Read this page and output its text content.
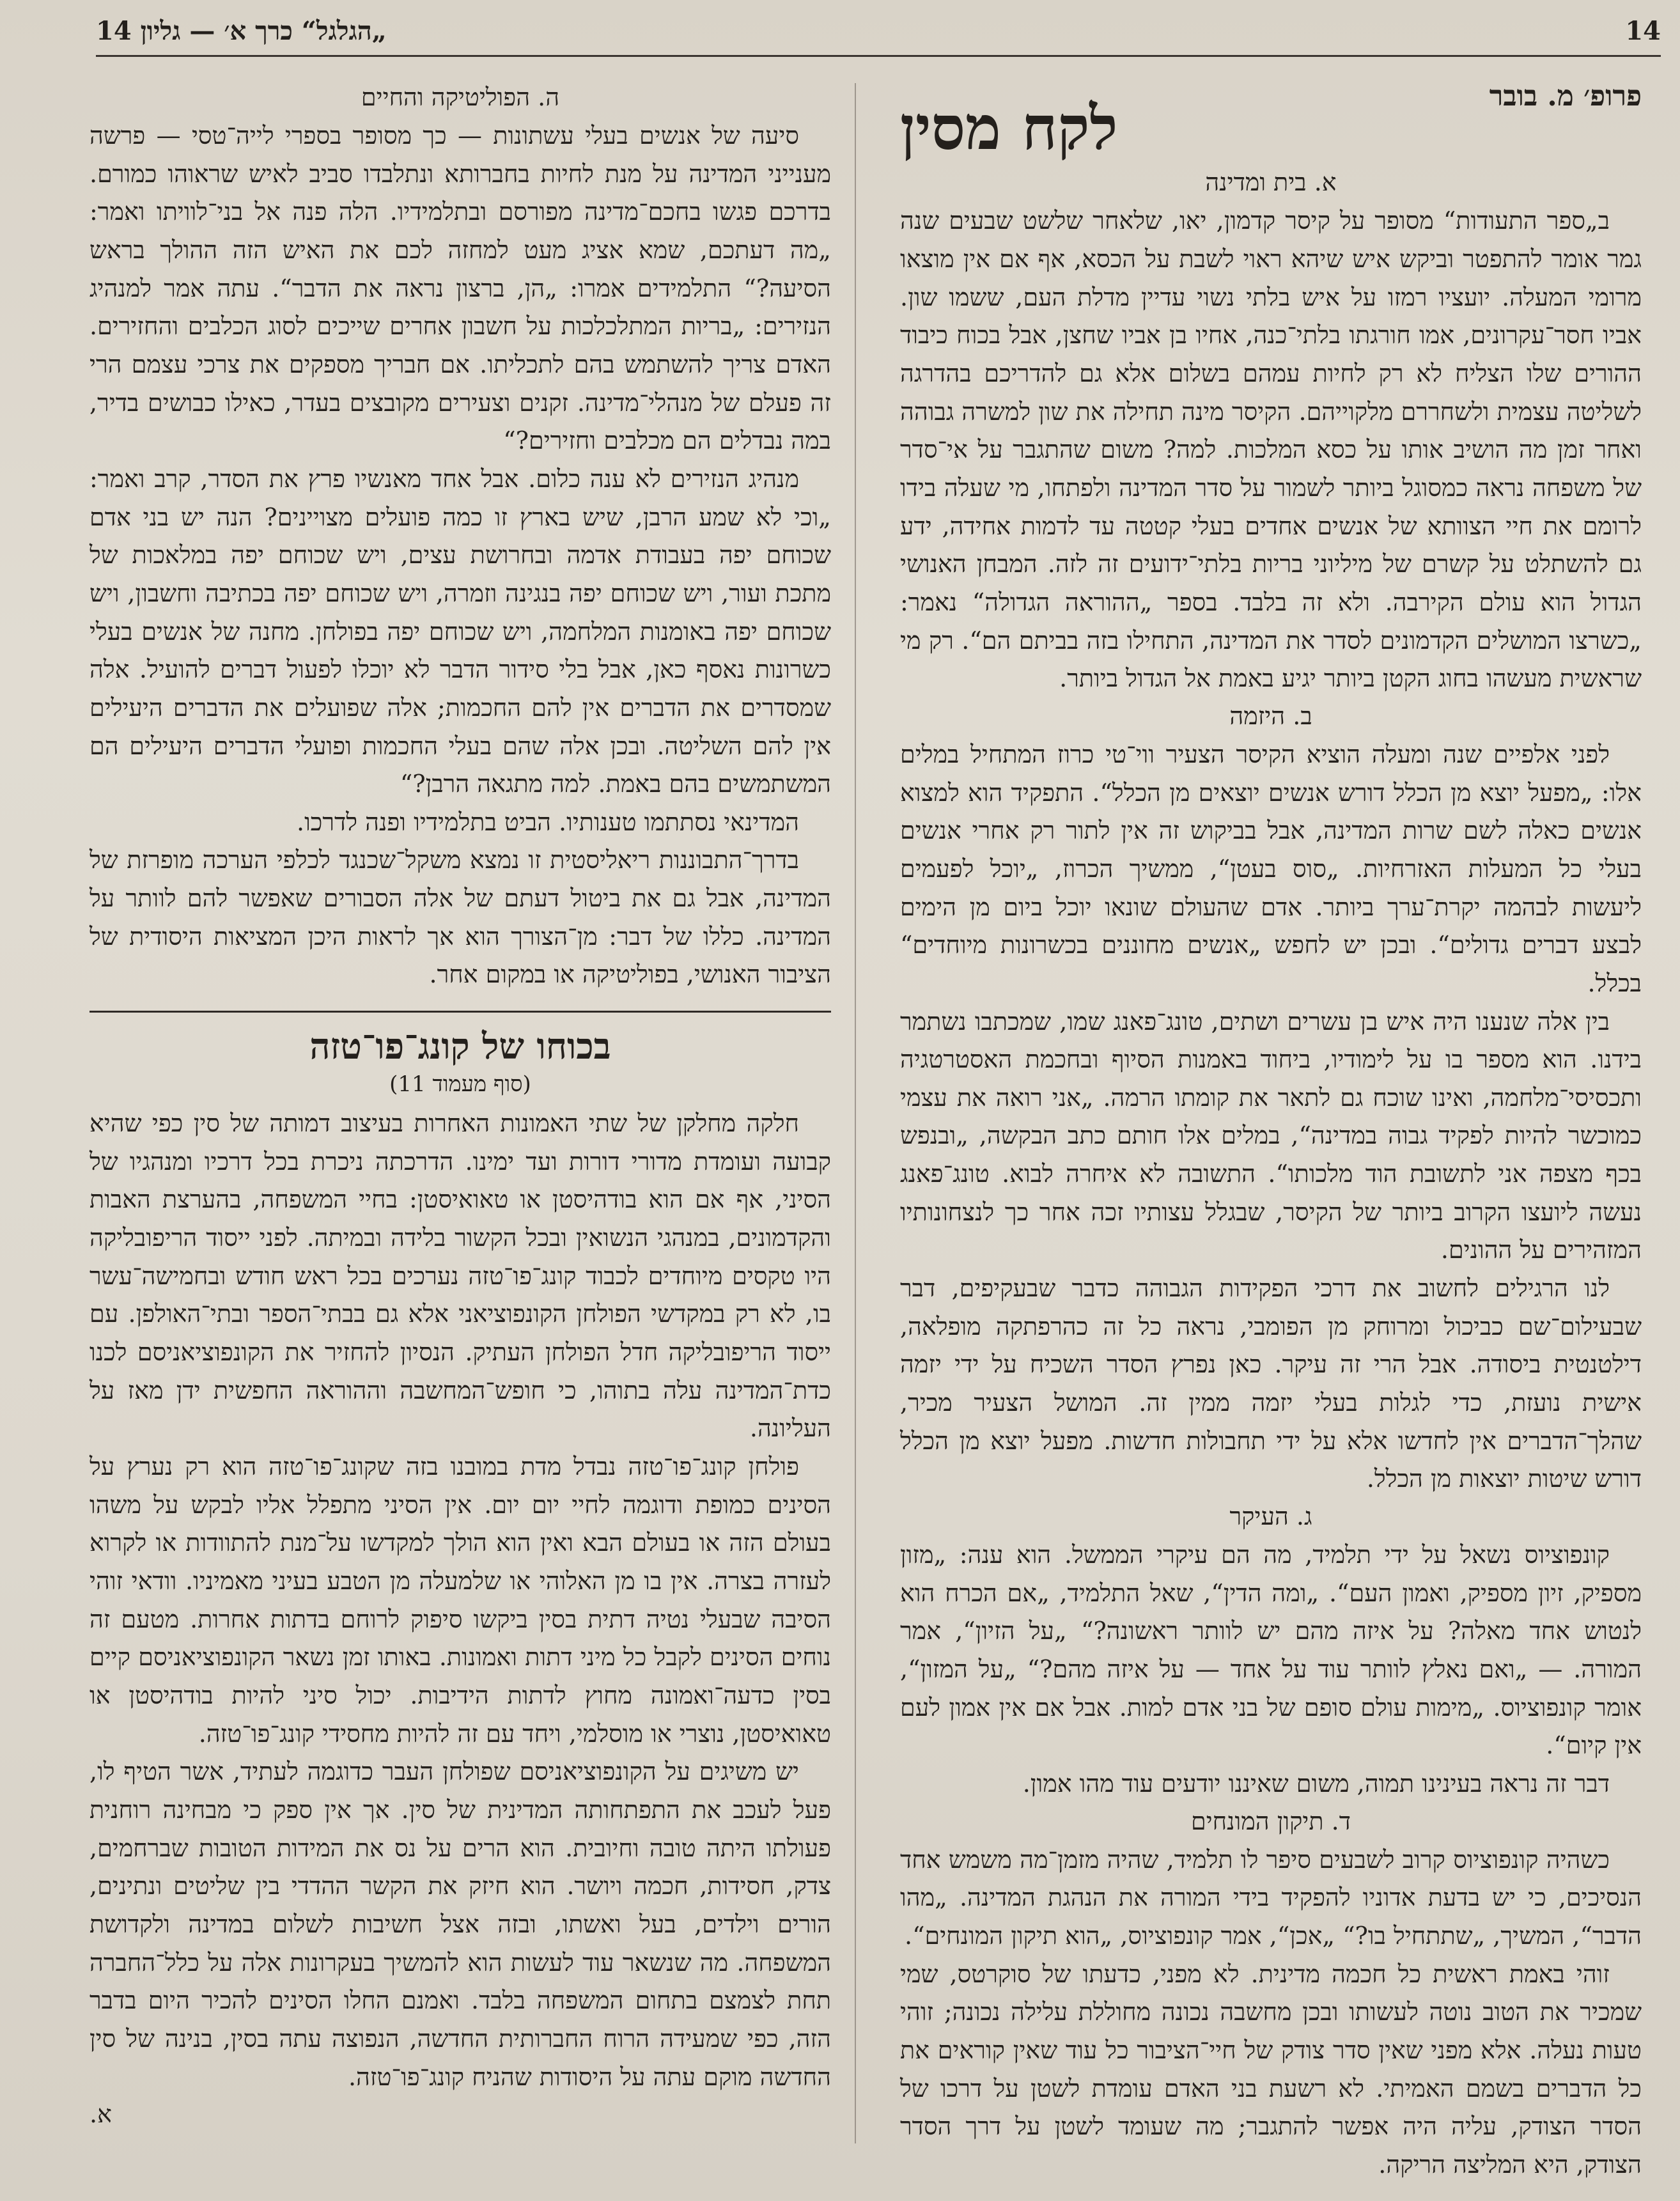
14
„הגלגל“ כרך א׳ — גליון 14
פרופ׳ מ. בובר
לקח מסין
א. בית ומדינה

ב„ספר התעודות“ מסופר על קיסר קדמון, יאו, שלאחר שלשט שבעים שנה גמר אומר להתפטר וביקש איש שיהא ראוי לשבת על הכסא, אף אם אין מוצאו מרומי המעלה. יועציו רמזו על איש בלתי נשוי עדיין מדלת העם, ששמו שון. אביו חסר־עקרונים, אמו חורגתו בלתי־כנה, אחיו בן אביו שחצן, אבל בכוח כיבוד ההורים שלו הצליח לא רק לחיות עמהם בשלום אלא גם להדריכם בהדרגה לשליטה עצמית ולשחררם מלקוייהם. הקיסר מינה תחילה את שון למשרה גבוהה ואחר זמן מה הושיב אותו על כסא המלכות. למה? משום שהתגבר על אי־סדר של משפחה נראה כמסוגל ביותר לשמור על סדר המדינה ולפתחו, מי שעלה בידו לרומם את חיי הצוותא של אנשים אחדים בעלי קטטה עד לדמות אחידה, ידע גם להשתלט על קשרם של מיליוני בריות בלתי־ידועים זה לזה. המבחן האנושי הגדול הוא עולם הקירבה. ולא זה בלבד. בספר „ההוראה הגדולה“ נאמר: „כשרצו המושלים הקדמונים לסדר את המדינה, התחילו בזה בביתם הם“. רק מי שראשית מעשהו בחוג הקטן ביותר יגיע באמת אל הגדול ביותר.

ב. היזמה

לפני אלפיים שנה ומעלה הוציא הקיסר הצעיר ווי־טי כרוז המתחיל במלים אלו: „מפעל יוצא מן הכלל דורש אנשים יוצאים מן הכלל“. התפקיד הוא למצוא אנשים כאלה לשם שרות המדינה, אבל בביקוש זה אין לתור רק אחרי אנשים בעלי כל המעלות האזרחיות. „סוס בעטן“, ממשיך הכרוז, „יוכל לפעמים ליעשות לבהמה יקרת־ערך ביותר. אדם שהעולם שונאו יוכל ביום מן הימים לבצע דברים גדולים“. ובכן יש לחפש „אנשים מחוננים בכשרונות מיוחדים“ בכלל.

בין אלה שנענו היה איש בן עשרים ושתים, טונג־פאנג שמו, שמכתבו נשתמר בידנו. הוא מספר בו על לימודיו, ביחוד באמנות הסיוף ובחכמת האסטרטגיה ותכסיסי־מלחמה, ואינו שוכח גם לתאר את קומתו הרמה. „אני רואה את עצמי כמוכשר להיות לפקיד גבוה במדינה“, במלים אלו חותם כתב הבקשה, „ובנפש בכף מצפה אני לתשובת הוד מלכותו“. התשובה לא איחרה לבוא. טונג־פאנג נעשה ליועצו הקרוב ביותר של הקיסר, שבגלל עצותיו זכה אחר כך לנצחונותיו המזהירים על ההונים.

לנו הרגילים לחשוב את דרכי הפקידות הגבוהה כדבר שבעקיפים, דבר שבעילום־שם כביכול ומרוחק מן הפומבי, נראה כל זה כהרפתקה מופלאה, דילטנטית ביסודה. אבל הרי זה עיקר. כאן נפרץ הסדר השכיח על ידי יזמה אישית נועזת, כדי לגלות בעלי יזמה ממין זה. המושל הצעיר מכיר, שהלך־הדברים אין לחדשו אלא על ידי תחבולות חדשות. מפעל יוצא מן הכלל דורש שיטות יוצאות מן הכלל.

ג. העיקר

קונפוציוס נשאל על ידי תלמיד, מה הם עיקרי הממשל. הוא ענה: „מזון מספיק, זיון מספיק, ואמון העם“. „ומה הדין“, שאל התלמיד, „אם הכרח הוא לנטוש אחד מאלה? על איזה מהם יש לוותר ראשונה?“ „על הזיון“, אמר המורה. — „ואם נאלץ לוותר עוד על אחד — על איזה מהם?“ „על המזון“, אומר קונפוציוס. „מימות עולם סופם של בני אדם למות. אבל אם אין אמון לעם אין קיום“.

דבר זה נראה בעינינו תמוה, משום שאיננו יודעים עוד מהו אמון.

ד. תיקון המונחים

כשהיה קונפוציוס קרוב לשבעים סיפר לו תלמיד, שהיה מזמן־מה משמש אחד הנסיכים, כי יש בדעת אדוניו להפקיד בידי המורה את הנהגת המדינה. „מהו הדבר“, המשיך, „שתתחיל בו?“ „אכן“, אמר קונפוציוס, „הוא תיקון המונחים“.

זוהי באמת ראשית כל חכמה מדינית. לא מפני, כדעתו של סוקרטס, שמי שמכיר את הטוב נוטה לעשותו ובכן מחשבה נכונה מחוללת עלילה נכונה; זוהי טעות נעלה. אלא מפני שאין סדר צודק של חיי־הציבור כל עוד שאין קוראים את כל הדברים בשמם האמיתי. לא רשעת בני האדם עומדת לשטן על דרכו של הסדר הצודק, עליה היה אפשר להתגבר; מה שעומד לשטן על דרך הסדר הצודק, היא המליצה הריקה.

ה. הפוליטיקה והחיים

סיעה של אנשים בעלי עשתונות — כך מסופר בספרי לייה־טסי — פרשה מענייני המדינה על מנת לחיות בחברותא ונתלבדו סביב לאיש שראוהו כמורם. בדרכם פגשו בחכם־מדינה מפורסם ובתלמידיו. הלה פנה אל בני־לוויתו ואמר: „מה דעתכם, שמא אציג מעט למחזה לכם את האיש הזה ההולך בראש הסיעה?“ התלמידים אמרו: „הן, ברצון נראה את הדבר“. עתה אמר למנהיג הנזירים: „בריות המתלכלכות על חשבון אחרים שייכים לסוג הכלבים והחזירים. האדם צריך להשתמש בהם לתכליתו. אם חבריך מספקים את צרכי עצמם הרי זה פעלם של מנהלי־מדינה. זקנים וצעירים מקובצים בעדר, כאילו כבושים בדיר, במה נבדלים הם מכלבים וחזירים?“

מנהיג הנזירים לא ענה כלום. אבל אחד מאנשיו פרץ את הסדר, קרב ואמר: „וכי לא שמע הרבן, שיש בארץ זו כמה פועלים מצויינים? הנה יש בני אדם שכוחם יפה בעבודת אדמה ובחרושת עצים, ויש שכוחם יפה במלאכות של מתכת ועור, ויש שכוחם יפה בנגינה וזמרה, ויש שכוחם יפה בכתיבה וחשבון, ויש שכוחם יפה באומנות המלחמה, ויש שכוחם יפה בפולחן. מחנה של אנשים בעלי כשרונות נאסף כאן, אבל בלי סידור הדבר לא יוכלו לפעול דברים להועיל. אלה שמסדרים את הדברים אין להם החכמות; אלה שפועלים את הדברים היעילים אין להם השליטה. ובכן אלה שהם בעלי החכמות ופועלי הדברים היעילים הם המשתמשים בהם באמת. למה מתגאה הרבן?“

המדינאי נסתתמו טענותיו. הביט בתלמידיו ופנה לדרכו.

בדרך־התבוננות ריאליסטית זו נמצא משקל־שכנגד לכלפי הערכה מופרזת של המדינה, אבל גם את ביטול דעתם של אלה הסבורים שאפשר להם לוותר על המדינה. כללו של דבר: מן־הצורך הוא אך לראות היכן המציאות היסודית של הציבור האנושי, בפוליטיקה או במקום אחר.

בכוחו של קונג־פו־טזה
(סוף מעמוד 11)

חלקה מחלקן של שתי האמונות האחרות בעיצוב דמותה של סין כפי שהיא קבועה ועומדת מדורי דורות ועד ימינו. הדרכתה ניכרת בכל דרכיו ומנהגיו של הסיני, אף אם הוא בודהיסטן או טאואיסטן: בחיי המשפחה, בהערצת האבות והקדמונים, במנהגי הנשואין ובכל הקשור בלידה ובמיתה. לפני ייסוד הריפובליקה היו טקסים מיוחדים לכבוד קונג־פו־טזה נערכים בכל ראש חודש ובחמישה־עשר בו, לא רק במקדשי הפולחן הקונפוציאני אלא גם בבתי־הספר ובתי־האולפן. עם ייסוד הריפובליקה חדל הפולחן העתיק. הנסיון להחזיר את הקונפוציאניסם לכנו כדת־המדינה עלה בתוהו, כי חופש־המחשבה וההוראה החפשית ידן מאז על העליונה.

פולחן קונג־פו־טזה נבדל מדת במובנו בזה שקונג־פו־טזה הוא רק נערץ על הסינים כמופת ודוגמה לחיי יום יום. אין הסיני מתפלל אליו לבקש על משהו בעולם הזה או בעולם הבא ואין הוא הולך למקדשו על־מנת להתוודות או לקרוא לעזרה בצרה. אין בו מן האלוהי או שלמעלה מן הטבע בעיני מאמיניו. וודאי זוהי הסיבה שבעלי נטיה דתית בסין ביקשו סיפוק לרוחם בדתות אחרות. מטעם זה נוחים הסינים לקבל כל מיני דתות ואמונות. באותו זמן נשאר הקונפוציאניסם קיים בסין כדעה־ואמונה מחוץ לדתות הידיבות. יכול סיני להיות בודהיסטן או טאואיסטן, נוצרי או מוסלמי, ויחד עם זה להיות מחסידי קונג־פו־טזה.

יש משיגים על הקונפוציאניסם שפולחן העבר כדוגמה לעתיד, אשר הטיף לו, פעל לעכב את התפתחותה המדינית של סין. אך אין ספק כי מבחינה רוחנית פעולתו היתה טובה וחיובית. הוא הרים על נס את המידות הטובות שברחמים, צדק, חסידות, חכמה ויושר. הוא חיזק את הקשר ההדדי בין שליטים ונתינים, הורים וילדים, בעל ואשתו, ובזה אצל חשיבות לשלום במדינה ולקדושת המשפחה. מה שנשאר עוד לעשות הוא להמשיך בעקרונות אלה על כלל־החברה תחת לצמצם בתחום המשפחה בלבד. ואמנם החלו הסינים להכיר היום בדבר הזה, כפי שמעידה הרוח החברותית החדשה, הנפוצה עתה בסין, בנינה של סין החדשה מוקם עתה על היסודות שהניח קונג־פו־טזה.

א.
